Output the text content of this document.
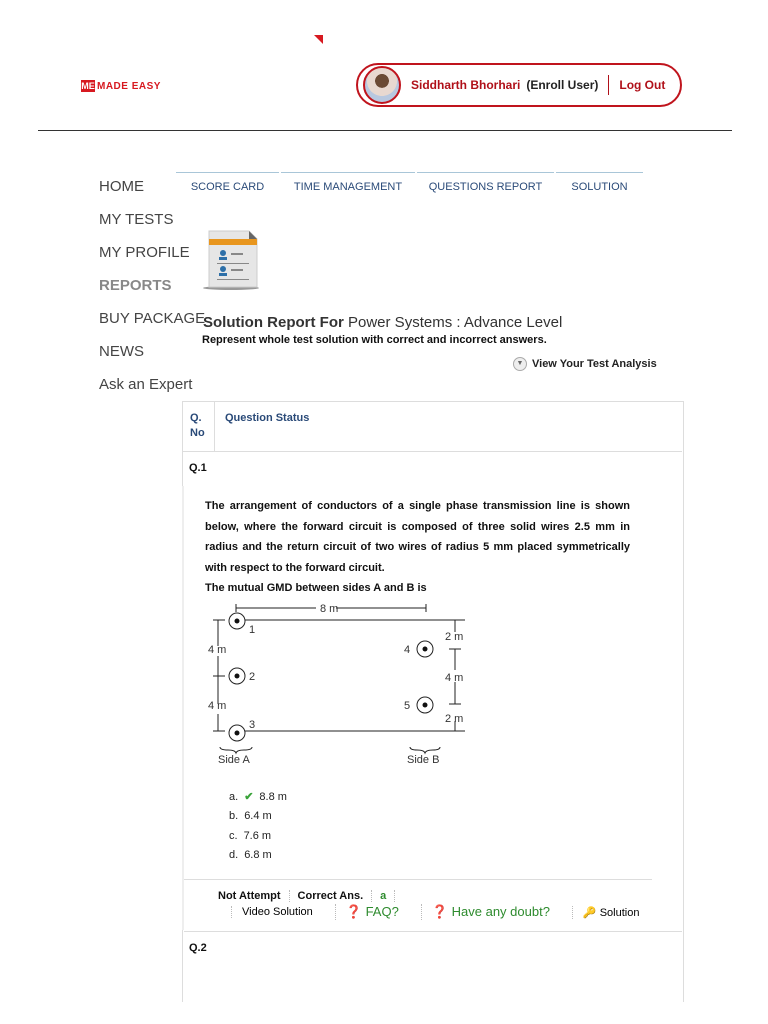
ME MADE EASY	Siddharth Bhorhari (Enroll User) Log Out
HOME
MY TESTS
MY PROFILE
REPORTS
BUY PACKAGE
NEWS
Ask an Expert
SCORE CARD	TIME MANAGEMENT	QUESTIONS REPORT	SOLUTION
Solution Report For Power Systems : Advance Level
Represent whole test solution with correct and incorrect answers.
▼ View Your Test Analysis
Q. No
Question Status
Q.1
The arrangement of conductors of a single phase transmission line is shown below, where the forward circuit is composed of three solid wires 2.5 mm in radius and the return circuit of two wires of radius 5 mm placed symmetrically with respect to the forward circuit.
The mutual GMD between sides A and B is
8 m
4 m
4 m
2 m
4 m
2 m
1
2
3
4
5
Side A	Side B
a. ✔ 8.8 m
b. 6.4 m
c. 7.6 m
d. 6.8 m
Not Attempt	Correct Ans.	a
Video Solution	❓ FAQ?	❓ Have any doubt?	🔑 Solution
Q.2
